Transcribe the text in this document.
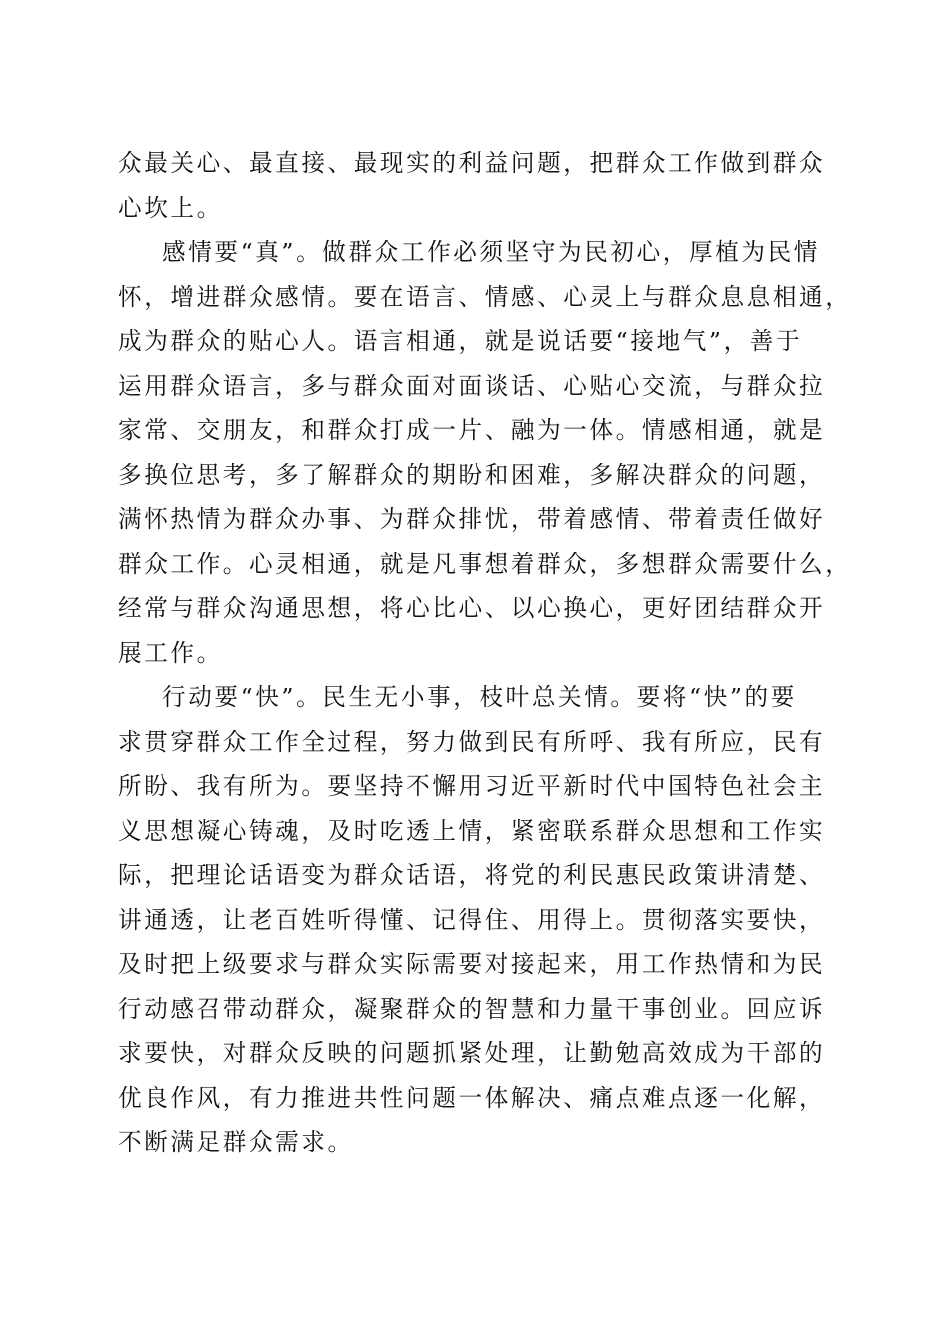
众最关心、最直接、最现实的利益问题，把群众工作做到群众
心坎上。
感情要“真”。做群众工作必须坚守为民初心，厚植为民情
怀，增进群众感情。要在语言、情感、心灵上与群众息息相通，
成为群众的贴心人。语言相通，就是说话要“接地气”，善于
运用群众语言，多与群众面对面谈话、心贴心交流，与群众拉
家常、交朋友，和群众打成一片、融为一体。情感相通，就是
多换位思考，多了解群众的期盼和困难，多解决群众的问题，
满怀热情为群众办事、为群众排忧，带着感情、带着责任做好
群众工作。心灵相通，就是凡事想着群众，多想群众需要什么，
经常与群众沟通思想，将心比心、以心换心，更好团结群众开
展工作。
行动要“快”。民生无小事，枝叶总关情。要将“快”的要
求贯穿群众工作全过程，努力做到民有所呼、我有所应，民有
所盼、我有所为。要坚持不懈用习近平新时代中国特色社会主
义思想凝心铸魂，及时吃透上情，紧密联系群众思想和工作实
际，把理论话语变为群众话语，将党的利民惠民政策讲清楚、
讲通透，让老百姓听得懂、记得住、用得上。贯彻落实要快，
及时把上级要求与群众实际需要对接起来，用工作热情和为民
行动感召带动群众，凝聚群众的智慧和力量干事创业。回应诉
求要快，对群众反映的问题抓紧处理，让勤勉高效成为干部的
优良作风，有力推进共性问题一体解决、痛点难点逐一化解，
不断满足群众需求。
